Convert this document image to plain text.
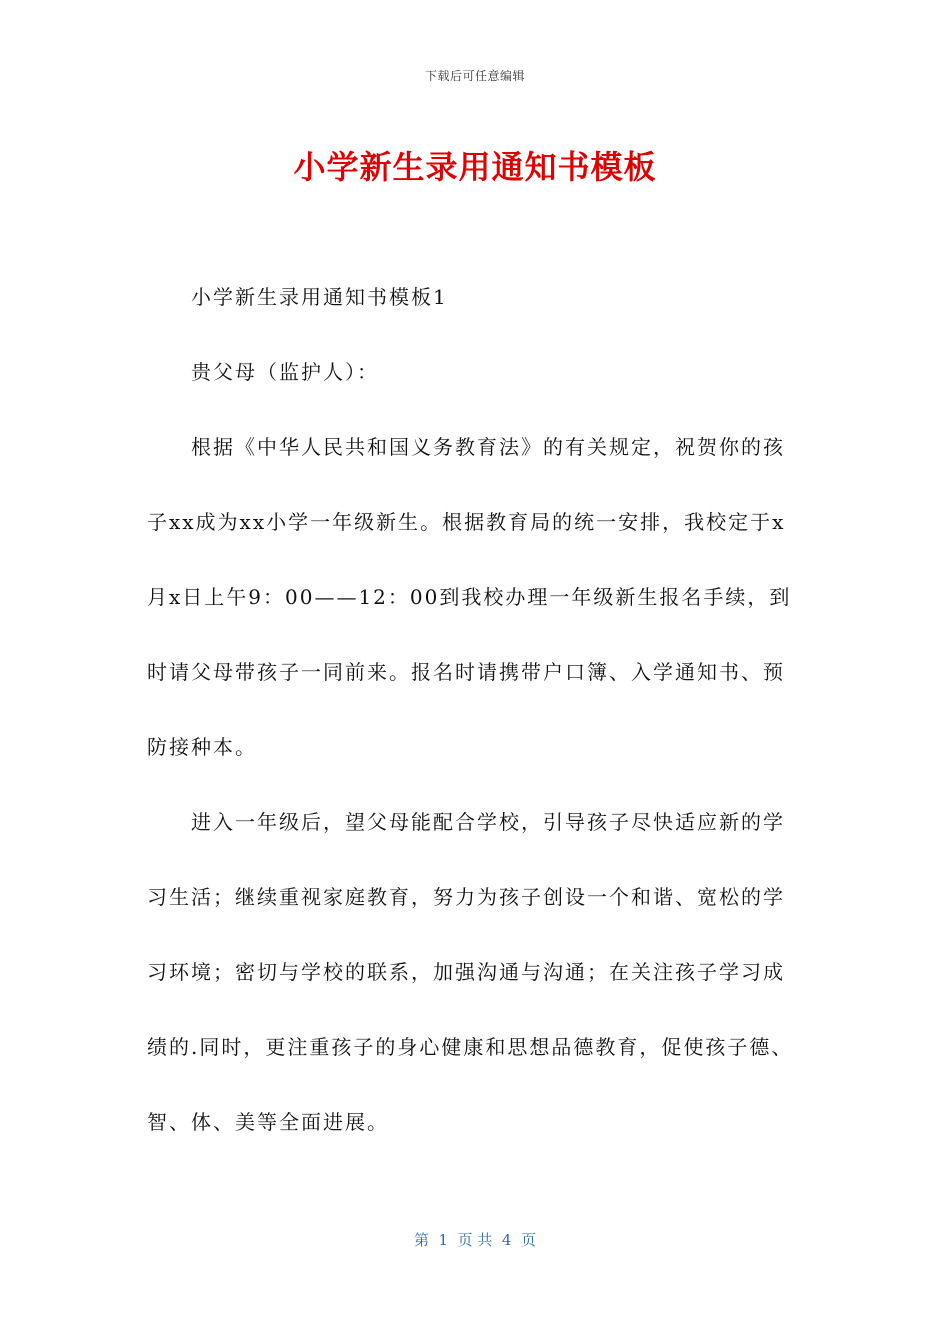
下载后可任意编辑
小学新生录用通知书模板
小学新生录用通知书模板1
贵父母（监护人）：
根据《中华人民共和国义务教育法》的有关规定，祝贺你的孩
子xx成为xx小学一年级新生。根据教育局的统一安排，我校定于x
月x日上午9：00——12：00到我校办理一年级新生报名手续，到
时请父母带孩子一同前来。报名时请携带户口簿、入学通知书、预
防接种本。
进入一年级后，望父母能配合学校，引导孩子尽快适应新的学
习生活；继续重视家庭教育，努力为孩子创设一个和谐、宽松的学
习环境；密切与学校的联系，加强沟通与沟通；在关注孩子学习成
绩的.同时，更注重孩子的身心健康和思想品德教育，促使孩子德、
智、体、美等全面进展。
第  1  页 共  4  页
